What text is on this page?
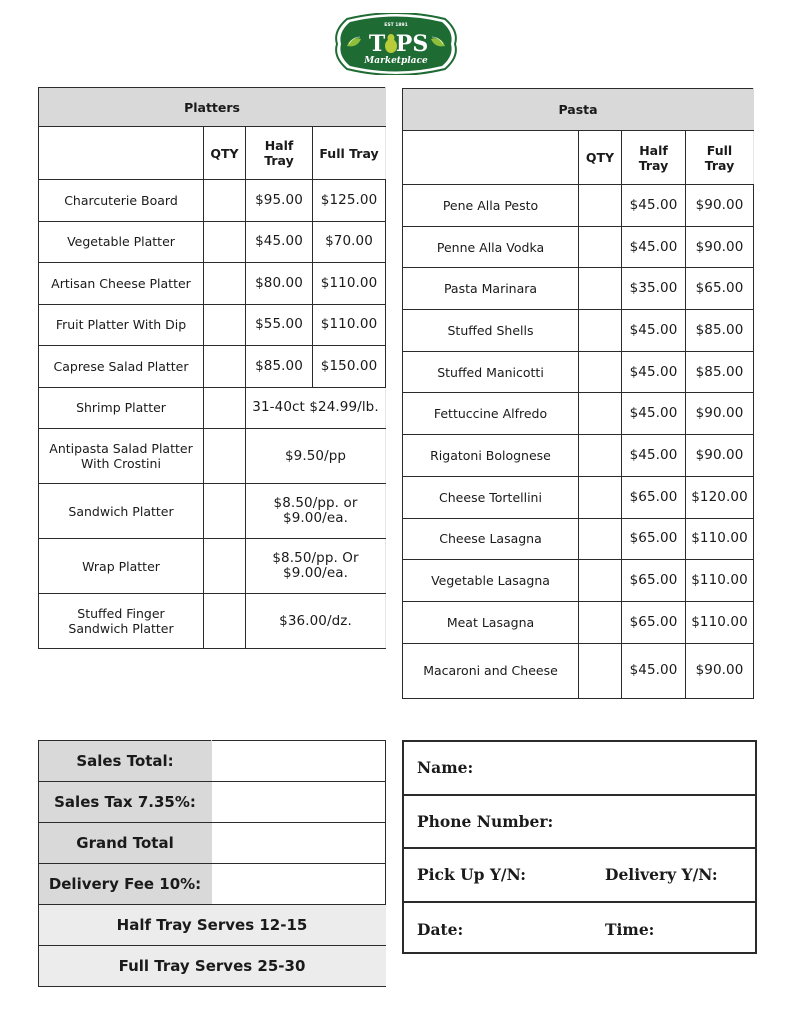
EST 1891
T PS
Marketplace
Platters			
	QTY	Half Tray	Full Tray
Charcuterie Board		$95.00	$125.00
Vegetable Platter		$45.00	$70.00
Artisan Cheese Platter		$80.00	$110.00
Fruit Platter With Dip		$55.00	$110.00
Caprese Salad Platter		$85.00	$150.00
Shrimp Platter		31-40ct $24.99/lb.	
Antipasta Salad Platter With Crostini		$9.50/pp	
Sandwich Platter		$8.50/pp. or $9.00/ea.	
Wrap Platter		$8.50/pp. Or $9.00/ea.	
Stuffed Finger Sandwich Platter		$36.00/dz.	
Pasta			
	QTY	Half Tray	Full Tray
Pene Alla Pesto		$45.00	$90.00
Penne Alla Vodka		$45.00	$90.00
Pasta Marinara		$35.00	$65.00
Stuffed Shells		$45.00	$85.00
Stuffed Manicotti		$45.00	$85.00
Fettuccine Alfredo		$45.00	$90.00
Rigatoni Bolognese		$45.00	$90.00
Cheese Tortellini		$65.00	$120.00
Cheese Lasagna		$65.00	$110.00
Vegetable Lasagna		$65.00	$110.00
Meat Lasagna		$65.00	$110.00
Macaroni and Cheese		$45.00	$90.00
Sales Total:	
Sales Tax 7.35%:	
Grand Total	
Delivery Fee 10%:	
Half Tray Serves 12-15	
Full Tray Serves 25-30	
Name:
Phone Number:
Pick Up Y/N:	Delivery Y/N:
Date:	Time:
